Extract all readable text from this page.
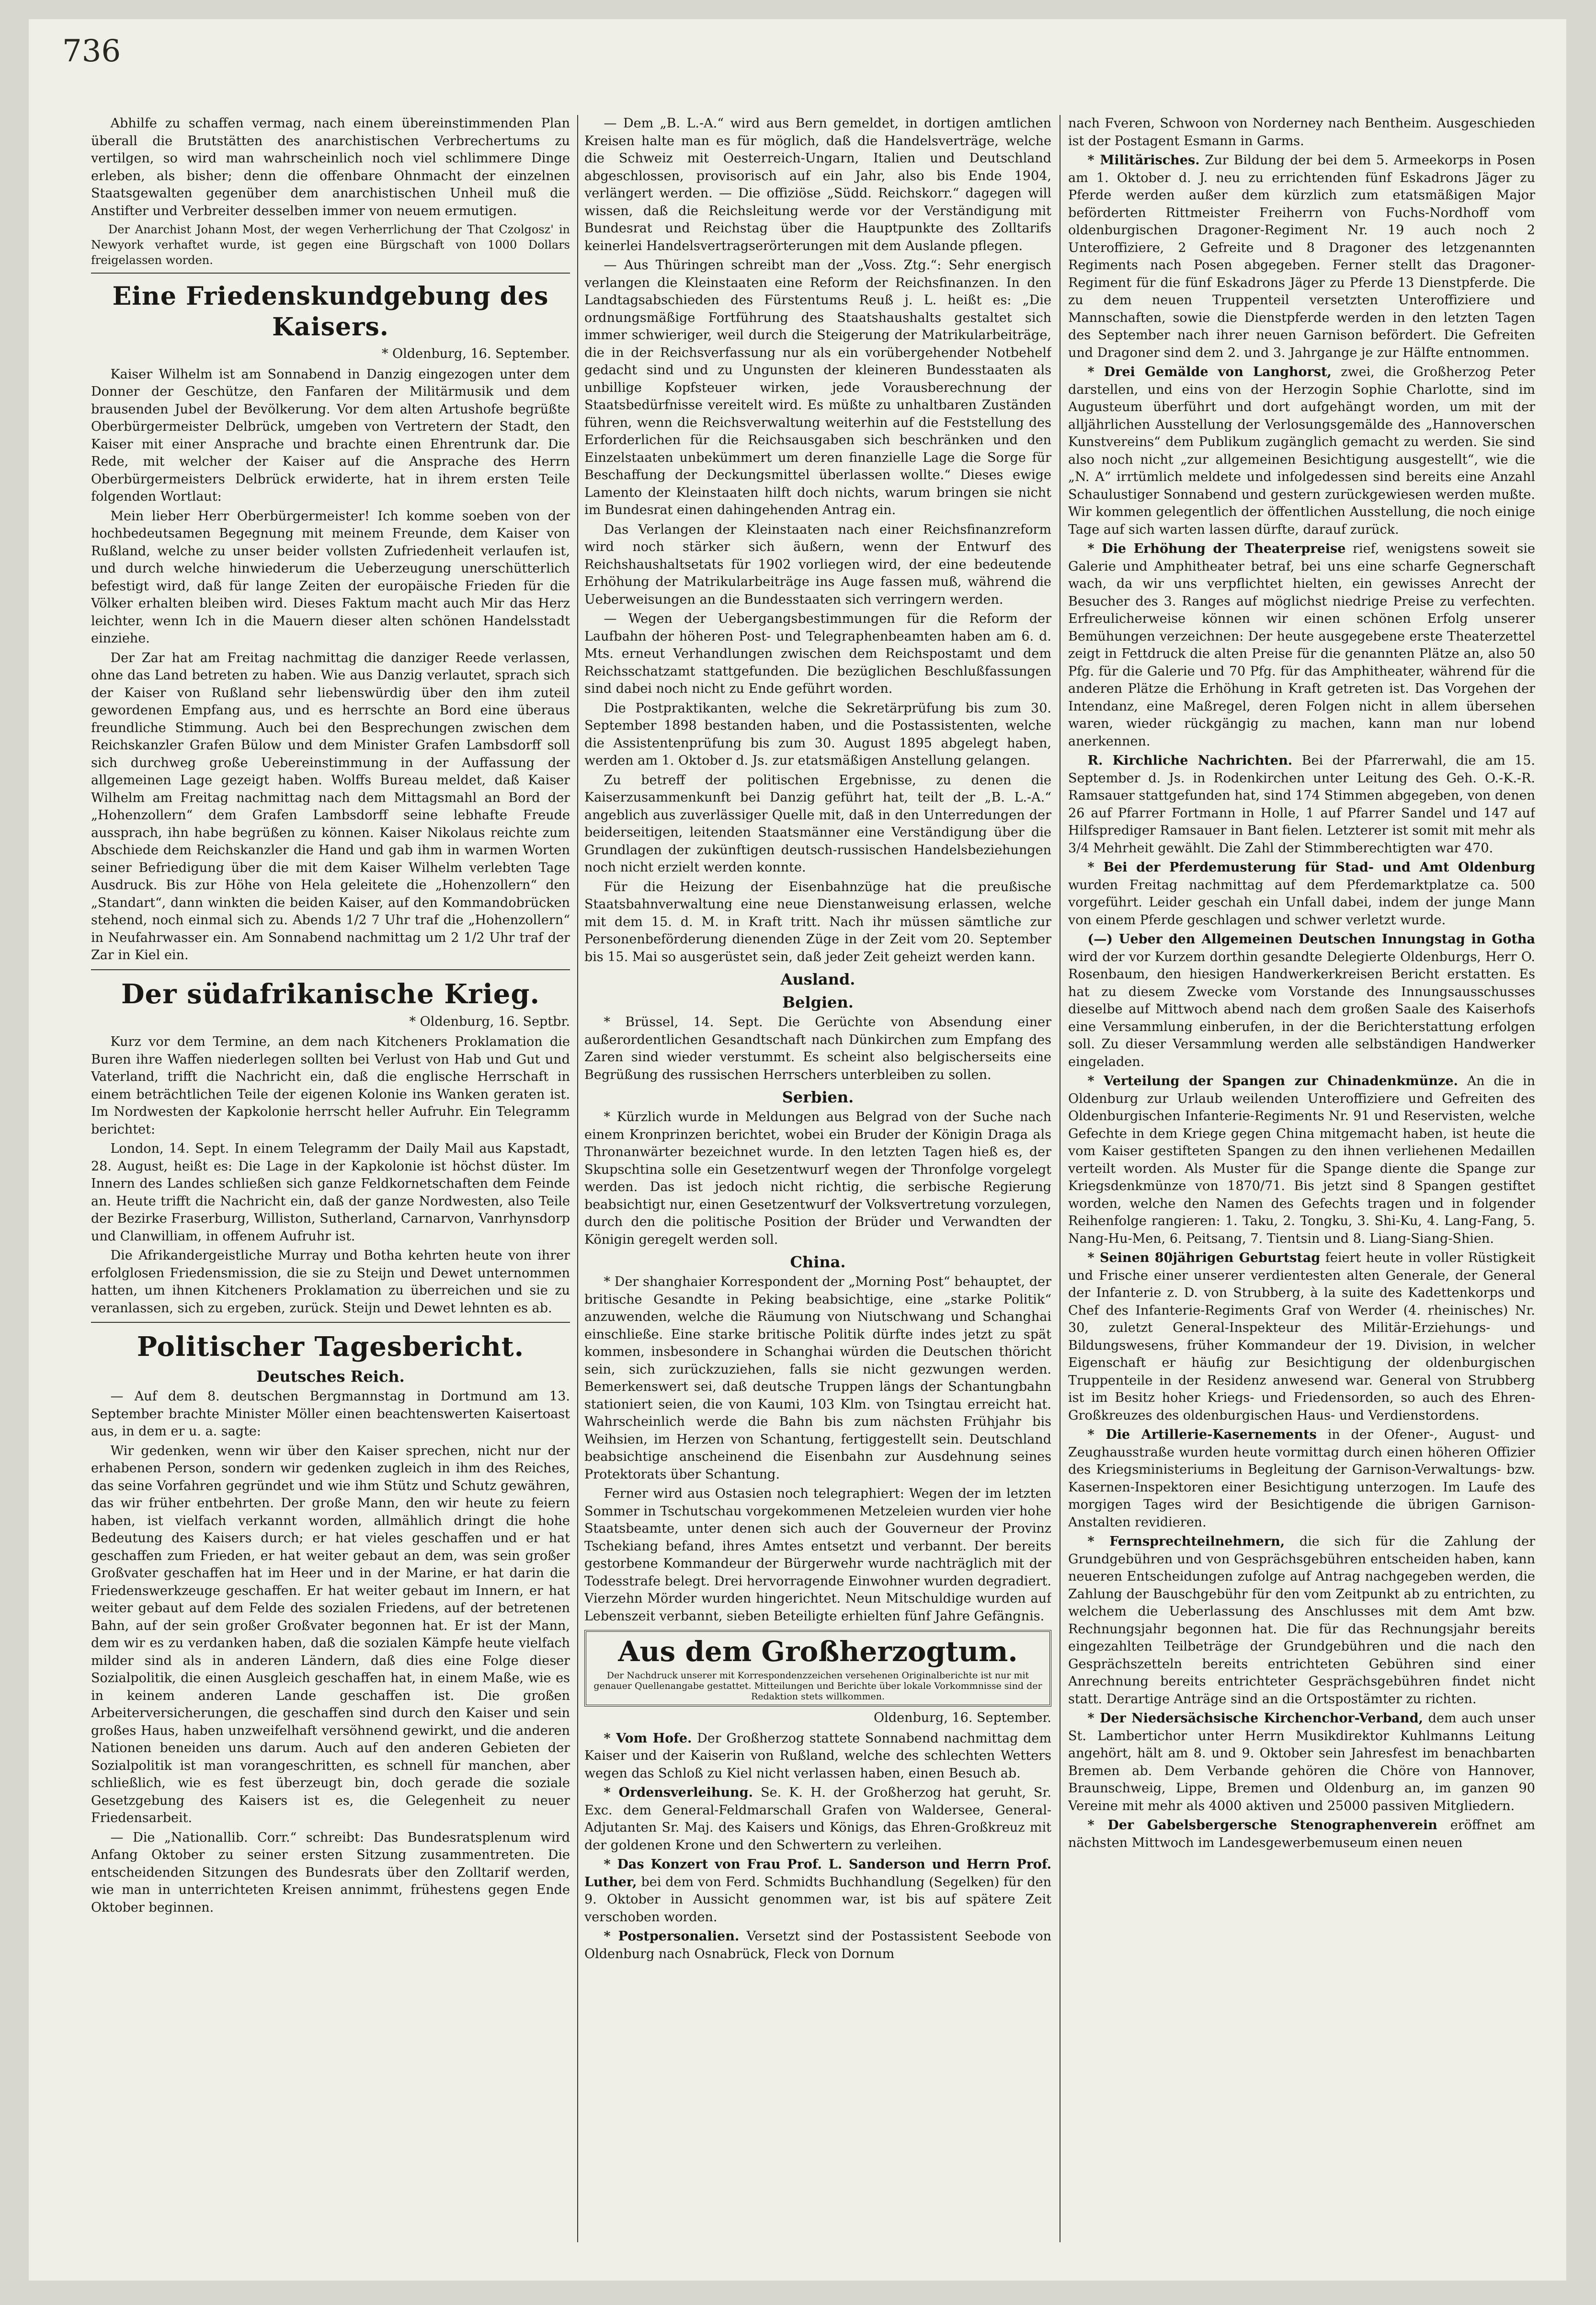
736

Abhilfe zu schaffen vermag, nach einem übereinstimmenden Plan überall die Brutstätten des anarchistischen Verbrechertums zu vertilgen, so wird man wahrscheinlich noch viel schlimmere Dinge erleben, als bisher; denn die offenbare Ohnmacht der einzelnen Staatsgewalten gegenüber dem anarchistischen Unheil muß die Anstifter und Verbreiter desselben immer von neuem ermutigen.

Der Anarchist Johann Most, der wegen Verherrlichung der That Czolgosz' in Newyork verhaftet wurde, ist gegen eine Bürgschaft von 1000 Dollars freigelassen worden.

Eine Friedenskundgebung des Kaisers.
* Oldenburg, 16. September.

Kaiser Wilhelm ist am Sonnabend in Danzig eingezogen unter dem Donner der Geschütze, den Fanfaren der Militärmusik und dem brausenden Jubel der Bevölkerung. Vor dem alten Artushofe begrüßte Oberbürgermeister Delbrück, umgeben von Vertretern der Stadt, den Kaiser mit einer Ansprache und brachte einen Ehrentrunk dar. Die Rede, mit welcher der Kaiser auf die Ansprache des Herrn Oberbürgermeisters Delbrück erwiderte, hat in ihrem ersten Teile folgenden Wortlaut:

Mein lieber Herr Oberbürgermeister! Ich komme soeben von der hochbedeutsamen Begegnung mit meinem Freunde, dem Kaiser von Rußland, welche zu unser beider vollsten Zufriedenheit verlaufen ist, und durch welche hinwiederum die Ueberzeugung unerschütterlich befestigt wird, daß für lange Zeiten der europäische Frieden für die Völker erhalten bleiben wird. Dieses Faktum macht auch Mir das Herz leichter, wenn Ich in die Mauern dieser alten schönen Handelsstadt einziehe.

Der Zar hat am Freitag nachmittag die danziger Reede verlassen, ohne das Land betreten zu haben. Wie aus Danzig verlautet, sprach sich der Kaiser von Rußland sehr liebenswürdig über den ihm zuteil gewordenen Empfang aus, und es herrschte an Bord eine überaus freundliche Stimmung. Auch bei den Besprechungen zwischen dem Reichskanzler Grafen Bülow und dem Minister Grafen Lambsdorff soll sich durchweg große Uebereinstimmung in der Auffassung der allgemeinen Lage gezeigt haben. Wolffs Bureau meldet, daß Kaiser Wilhelm am Freitag nachmittag nach dem Mittagsmahl an Bord der „Hohenzollern“ dem Grafen Lambsdorff seine lebhafte Freude aussprach, ihn habe begrüßen zu können. Kaiser Nikolaus reichte zum Abschiede dem Reichskanzler die Hand und gab ihm in warmen Worten seiner Befriedigung über die mit dem Kaiser Wilhelm verlebten Tage Ausdruck. Bis zur Höhe von Hela geleitete die „Hohenzollern“ den „Standart“, dann winkten die beiden Kaiser, auf den Kommandobrücken stehend, noch einmal sich zu. Abends 1/2 7 Uhr traf die „Hohenzollern“ in Neufahrwasser ein. Am Sonnabend nachmittag um 2 1/2 Uhr traf der Zar in Kiel ein.

Der südafrikanische Krieg.
* Oldenburg, 16. Septbr.

Kurz vor dem Termine, an dem nach Kitcheners Proklamation die Buren ihre Waffen niederlegen sollten bei Verlust von Hab und Gut und Vaterland, trifft die Nachricht ein, daß die englische Herrschaft in einem beträchtlichen Teile der eigenen Kolonie ins Wanken geraten ist. Im Nordwesten der Kapkolonie herrscht heller Aufruhr. Ein Telegramm berichtet:

London, 14. Sept. In einem Telegramm der Daily Mail aus Kapstadt, 28. August, heißt es: Die Lage in der Kapkolonie ist höchst düster. Im Innern des Landes schließen sich ganze Feldkornetschaften dem Feinde an. Heute trifft die Nachricht ein, daß der ganze Nordwesten, also Teile der Bezirke Fraserburg, Williston, Sutherland, Carnarvon, Vanrhynsdorp und Clanwilliam, in offenem Aufruhr ist.

Die Afrikandergeistliche Murray und Botha kehrten heute von ihrer erfolglosen Friedensmission, die sie zu Steijn und Dewet unternommen hatten, um ihnen Kitcheners Proklamation zu überreichen und sie zu veranlassen, sich zu ergeben, zurück. Steijn und Dewet lehnten es ab.

Politischer Tagesbericht.
Deutsches Reich.

— Auf dem 8. deutschen Bergmannstag in Dortmund am 13. September brachte Minister Möller einen beachtenswerten Kaisertoast aus, in dem er u. a. sagte:

Wir gedenken, wenn wir über den Kaiser sprechen, nicht nur der erhabenen Person, sondern wir gedenken zugleich in ihm des Reiches, das seine Vorfahren gegründet und wie ihm Stütz und Schutz gewähren, das wir früher entbehrten. Der große Mann, den wir heute zu feiern haben, ist vielfach verkannt worden, allmählich dringt die hohe Bedeutung des Kaisers durch; er hat vieles geschaffen und er hat geschaffen zum Frieden, er hat weiter gebaut an dem, was sein großer Großvater geschaffen hat im Heer und in der Marine, er hat darin die Friedenswerkzeuge geschaffen. Er hat weiter gebaut im Innern, er hat weiter gebaut auf dem Felde des sozialen Friedens, auf der betretenen Bahn, auf der sein großer Großvater begonnen hat. Er ist der Mann, dem wir es zu verdanken haben, daß die sozialen Kämpfe heute vielfach milder sind als in anderen Ländern, daß dies eine Folge dieser Sozialpolitik, die einen Ausgleich geschaffen hat, in einem Maße, wie es in keinem anderen Lande geschaffen ist. Die großen Arbeiterversicherungen, die geschaffen sind durch den Kaiser und sein großes Haus, haben unzweifelhaft versöhnend gewirkt, und die anderen Nationen beneiden uns darum. Auch auf den anderen Gebieten der Sozialpolitik ist man vorangeschritten, es schnell für manchen, aber schließlich, wie es fest überzeugt bin, doch gerade die soziale Gesetzgebung des Kaisers ist es, die Gelegenheit zu neuer Friedensarbeit.

— Die „Nationallib. Corr.“ schreibt: Das Bundesratsplenum wird Anfang Oktober zu seiner ersten Sitzung zusammentreten. Die entscheidenden Sitzungen des Bundesrats über den Zolltarif werden, wie man in unterrichteten Kreisen annimmt, frühestens gegen Ende Oktober beginnen.

— Dem „B. L.-A.“ wird aus Bern gemeldet, in dortigen amtlichen Kreisen halte man es für möglich, daß die Handelsverträge, welche die Schweiz mit Oesterreich-Ungarn, Italien und Deutschland abgeschlossen, provisorisch auf ein Jahr, also bis Ende 1904, verlängert werden. — Die offiziöse „Südd. Reichskorr.“ dagegen will wissen, daß die Reichsleitung werde vor der Verständigung mit Bundesrat und Reichstag über die Hauptpunkte des Zolltarifs keinerlei Handelsvertragserörterungen mit dem Auslande pflegen.

— Aus Thüringen schreibt man der „Voss. Ztg.“: Sehr energisch verlangen die Kleinstaaten eine Reform der Reichsfinanzen. In den Landtagsabschieden des Fürstentums Reuß j. L. heißt es: „Die ordnungsmäßige Fortführung des Staatshaushalts gestaltet sich immer schwieriger, weil durch die Steigerung der Matrikularbeiträge, die in der Reichsverfassung nur als ein vorübergehender Notbehelf gedacht sind und zu Ungunsten der kleineren Bundesstaaten als unbillige Kopfsteuer wirken, jede Vorausberechnung der Staatsbedürfnisse vereitelt wird. Es müßte zu unhaltbaren Zuständen führen, wenn die Reichsverwaltung weiterhin auf die Feststellung des Erforderlichen für die Reichsausgaben sich beschränken und den Einzelstaaten unbekümmert um deren finanzielle Lage die Sorge für Beschaffung der Deckungsmittel überlassen wollte.“ Dieses ewige Lamento der Kleinstaaten hilft doch nichts, warum bringen sie nicht im Bundesrat einen dahingehenden Antrag ein.

Das Verlangen der Kleinstaaten nach einer Reichsfinanzreform wird noch stärker sich äußern, wenn der Entwurf des Reichshaushaltsetats für 1902 vorliegen wird, der eine bedeutende Erhöhung der Matrikularbeiträge ins Auge fassen muß, während die Ueberweisungen an die Bundesstaaten sich verringern werden.

— Wegen der Uebergangsbestimmungen für die Reform der Laufbahn der höheren Post- und Telegraphenbeamten haben am 6. d. Mts. erneut Verhandlungen zwischen dem Reichspostamt und dem Reichsschatzamt stattgefunden. Die bezüglichen Beschlußfassungen sind dabei noch nicht zu Ende geführt worden.

Die Postpraktikanten, welche die Sekretärprüfung bis zum 30. September 1898 bestanden haben, und die Postassistenten, welche die Assistentenprüfung bis zum 30. August 1895 abgelegt haben, werden am 1. Oktober d. Js. zur etatsmäßigen Anstellung gelangen.

Zu betreff der politischen Ergebnisse, zu denen die Kaiserzusammenkunft bei Danzig geführt hat, teilt der „B. L.-A.“ angeblich aus zuverlässiger Quelle mit, daß in den Unterredungen der beiderseitigen, leitenden Staatsmänner eine Verständigung über die Grundlagen der zukünftigen deutsch-russischen Handelsbeziehungen noch nicht erzielt werden konnte.

Für die Heizung der Eisenbahnzüge hat die preußische Staatsbahnverwaltung eine neue Dienstanweisung erlassen, welche mit dem 15. d. M. in Kraft tritt. Nach ihr müssen sämtliche zur Personenbeförderung dienenden Züge in der Zeit vom 20. September bis 15. Mai so ausgerüstet sein, daß jeder Zeit geheizt werden kann.

Ausland.
Belgien.

* Brüssel, 14. Sept. Die Gerüchte von Absendung einer außerordentlichen Gesandtschaft nach Dünkirchen zum Empfang des Zaren sind wieder verstummt. Es scheint also belgischerseits eine Begrüßung des russischen Herrschers unterbleiben zu sollen.

Serbien.

* Kürzlich wurde in Meldungen aus Belgrad von der Suche nach einem Kronprinzen berichtet, wobei ein Bruder der Königin Draga als Thronanwärter bezeichnet wurde. In den letzten Tagen hieß es, der Skupschtina solle ein Gesetzentwurf wegen der Thronfolge vorgelegt werden. Das ist jedoch nicht richtig, die serbische Regierung beabsichtigt nur, einen Gesetzentwurf der Volksvertretung vorzulegen, durch den die politische Position der Brüder und Verwandten der Königin geregelt werden soll.

China.

* Der shanghaier Korrespondent der „Morning Post“ behauptet, der britische Gesandte in Peking beabsichtige, eine „starke Politik“ anzuwenden, welche die Räumung von Niutschwang und Schanghai einschließe. Eine starke britische Politik dürfte indes jetzt zu spät kommen, insbesondere in Schanghai würden die Deutschen thöricht sein, sich zurückzuziehen, falls sie nicht gezwungen werden. Bemerkenswert sei, daß deutsche Truppen längs der Schantungbahn stationiert seien, die von Kaumi, 103 Klm. von Tsingtau erreicht hat. Wahrscheinlich werde die Bahn bis zum nächsten Frühjahr bis Weihsien, im Herzen von Schantung, fertiggestellt sein. Deutschland beabsichtige anscheinend die Eisenbahn zur Ausdehnung seines Protektorats über Schantung.

Ferner wird aus Ostasien noch telegraphiert: Wegen der im letzten Sommer in Tschutschau vorgekommenen Metzeleien wurden vier hohe Staatsbeamte, unter denen sich auch der Gouverneur der Provinz Tschekiang befand, ihres Amtes entsetzt und verbannt. Der bereits gestorbene Kommandeur der Bürgerwehr wurde nachträglich mit der Todesstrafe belegt. Drei hervorragende Einwohner wurden degradiert. Vierzehn Mörder wurden hingerichtet. Neun Mitschuldige wurden auf Lebenszeit verbannt, sieben Beteiligte erhielten fünf Jahre Gefängnis.

Aus dem Großherzogtum.
Der Nachdruck unserer mit Korrespondenzzeichen versehenen Originalberichte ist nur mit genauer Quellenangabe gestattet. Mitteilungen und Berichte über lokale Vorkommnisse sind der Redaktion stets willkommen.
Oldenburg, 16. September.

* Vom Hofe. Der Großherzog stattete Sonnabend nachmittag dem Kaiser und der Kaiserin von Rußland, welche des schlechten Wetters wegen das Schloß zu Kiel nicht verlassen haben, einen Besuch ab.

* Ordensverleihung. Se. K. H. der Großherzog hat geruht, Sr. Exc. dem General-Feldmarschall Grafen von Waldersee, General-Adjutanten Sr. Maj. des Kaisers und Königs, das Ehren-Großkreuz mit der goldenen Krone und den Schwertern zu verleihen.

* Das Konzert von Frau Prof. L. Sanderson und Herrn Prof. Luther, bei dem von Ferd. Schmidts Buchhandlung (Segelken) für den 9. Oktober in Aussicht genommen war, ist bis auf spätere Zeit verschoben worden.

* Postpersonalien. Versetzt sind der Postassistent Seebode von Oldenburg nach Osnabrück, Fleck von Dornum

nach Fveren, Schwoon von Norderney nach Bentheim. Ausgeschieden ist der Postagent Esmann in Garms.

* Militärisches. Zur Bildung der bei dem 5. Armeekorps in Posen am 1. Oktober d. J. neu zu errichtenden fünf Eskadrons Jäger zu Pferde werden außer dem kürzlich zum etatsmäßigen Major beförderten Rittmeister Freiherrn von Fuchs-Nordhoff vom oldenburgischen Dragoner-Regiment Nr. 19 auch noch 2 Unteroffiziere, 2 Gefreite und 8 Dragoner des letzgenannten Regiments nach Posen abgegeben. Ferner stellt das Dragoner-Regiment für die fünf Eskadrons Jäger zu Pferde 13 Dienstpferde. Die zu dem neuen Truppenteil versetzten Unteroffiziere und Mannschaften, sowie die Dienstpferde werden in den letzten Tagen des September nach ihrer neuen Garnison befördert. Die Gefreiten und Dragoner sind dem 2. und 3. Jahrgange je zur Hälfte entnommen.

* Drei Gemälde von Langhorst, zwei, die Großherzog Peter darstellen, und eins von der Herzogin Sophie Charlotte, sind im Augusteum überführt und dort aufgehängt worden, um mit der alljährlichen Ausstellung der Verlosungsgemälde des „Hannoverschen Kunstvereins“ dem Publikum zugänglich gemacht zu werden. Sie sind also noch nicht „zur allgemeinen Besichtigung ausgestellt“, wie die „N. A“ irrtümlich meldete und infolgedessen sind bereits eine Anzahl Schaulustiger Sonnabend und gestern zurückgewiesen werden mußte. Wir kommen gelegentlich der öffentlichen Ausstellung, die noch einige Tage auf sich warten lassen dürfte, darauf zurück.

* Die Erhöhung der Theaterpreise rief, wenigstens soweit sie Galerie und Amphitheater betraf, bei uns eine scharfe Gegnerschaft wach, da wir uns verpflichtet hielten, ein gewisses Anrecht der Besucher des 3. Ranges auf möglichst niedrige Preise zu verfechten. Erfreulicherweise können wir einen schönen Erfolg unserer Bemühungen verzeichnen: Der heute ausgegebene erste Theaterzettel zeigt in Fettdruck die alten Preise für die genannten Plätze an, also 50 Pfg. für die Galerie und 70 Pfg. für das Amphitheater, während für die anderen Plätze die Erhöhung in Kraft getreten ist. Das Vorgehen der Intendanz, eine Maßregel, deren Folgen nicht in allem übersehen waren, wieder rückgängig zu machen, kann man nur lobend anerkennen.

R. Kirchliche Nachrichten. Bei der Pfarrerwahl, die am 15. September d. Js. in Rodenkirchen unter Leitung des Geh. O.-K.-R. Ramsauer stattgefunden hat, sind 174 Stimmen abgegeben, von denen 26 auf Pfarrer Fortmann in Holle, 1 auf Pfarrer Sandel und 147 auf Hilfsprediger Ramsauer in Bant fielen. Letzterer ist somit mit mehr als 3/4 Mehrheit gewählt. Die Zahl der Stimmberechtigten war 470.

* Bei der Pferdemusterung für Stad- und Amt Oldenburg wurden Freitag nachmittag auf dem Pferdemarktplatze ca. 500 vorgeführt. Leider geschah ein Unfall dabei, indem der junge Mann von einem Pferde geschlagen und schwer verletzt wurde.

(—) Ueber den Allgemeinen Deutschen Innungstag in Gotha wird der vor Kurzem dorthin gesandte Delegierte Oldenburgs, Herr O. Rosenbaum, den hiesigen Handwerkerkreisen Bericht erstatten. Es hat zu diesem Zwecke vom Vorstande des Innungsausschusses dieselbe auf Mittwoch abend nach dem großen Saale des Kaiserhofs eine Versammlung einberufen, in der die Berichterstattung erfolgen soll. Zu dieser Versammlung werden alle selbständigen Handwerker eingeladen.

* Verteilung der Spangen zur Chinadenkmünze. An die in Oldenburg zur Urlaub weilenden Unteroffiziere und Gefreiten des Oldenburgischen Infanterie-Regiments Nr. 91 und Reservisten, welche Gefechte in dem Kriege gegen China mitgemacht haben, ist heute die vom Kaiser gestifteten Spangen zu den ihnen verliehenen Medaillen verteilt worden. Als Muster für die Spange diente die Spange zur Kriegsdenkmünze von 1870/71. Bis jetzt sind 8 Spangen gestiftet worden, welche den Namen des Gefechts tragen und in folgender Reihenfolge rangieren: 1. Taku, 2. Tongku, 3. Shi-Ku, 4. Lang-Fang, 5. Nang-Hu-Men, 6. Peitsang, 7. Tientsin und 8. Liang-Siang-Shien.

* Seinen 80jährigen Geburtstag feiert heute in voller Rüstigkeit und Frische einer unserer verdientesten alten Generale, der General der Infanterie z. D. von Strubberg, à la suite des Kadettenkorps und Chef des Infanterie-Regiments Graf von Werder (4. rheinisches) Nr. 30, zuletzt General-Inspekteur des Militär-Erziehungs- und Bildungswesens, früher Kommandeur der 19. Division, in welcher Eigenschaft er häufig zur Besichtigung der oldenburgischen Truppenteile in der Residenz anwesend war. General von Strubberg ist im Besitz hoher Kriegs- und Friedensorden, so auch des Ehren-Großkreuzes des oldenburgischen Haus- und Verdienstordens.

* Die Artillerie-Kasernements in der Ofener-, August- und Zeughausstraße wurden heute vormittag durch einen höheren Offizier des Kriegsministeriums in Begleitung der Garnison-Verwaltungs- bzw. Kasernen-Inspektoren einer Besichtigung unterzogen. Im Laufe des morgigen Tages wird der Besichtigende die übrigen Garnison-Anstalten revidieren.

* Fernsprechteilnehmern, die sich für die Zahlung der Grundgebühren und von Gesprächsgebühren entscheiden haben, kann neueren Entscheidungen zufolge auf Antrag nachgegeben werden, die Zahlung der Bauschgebühr für den vom Zeitpunkt ab zu entrichten, zu welchem die Ueberlassung des Anschlusses mit dem Amt bzw. Rechnungsjahr begonnen hat. Die für das Rechnungsjahr bereits eingezahlten Teilbeträge der Grundgebühren und die nach den Gesprächszetteln bereits entrichteten Gebühren sind einer Anrechnung bereits entrichteter Gesprächsgebühren findet nicht statt. Derartige Anträge sind an die Ortspostämter zu richten.

* Der Niedersächsische Kirchenchor-Verband, dem auch unser St. Lambertichor unter Herrn Musikdirektor Kuhlmanns Leitung angehört, hält am 8. und 9. Oktober sein Jahresfest im benachbarten Bremen ab. Dem Verbande gehören die Chöre von Hannover, Braunschweig, Lippe, Bremen und Oldenburg an, im ganzen 90 Vereine mit mehr als 4000 aktiven und 25000 passiven Mitgliedern.

* Der Gabelsbergersche Stenographenverein eröffnet am nächsten Mittwoch im Landesgewerbemuseum einen neuen
